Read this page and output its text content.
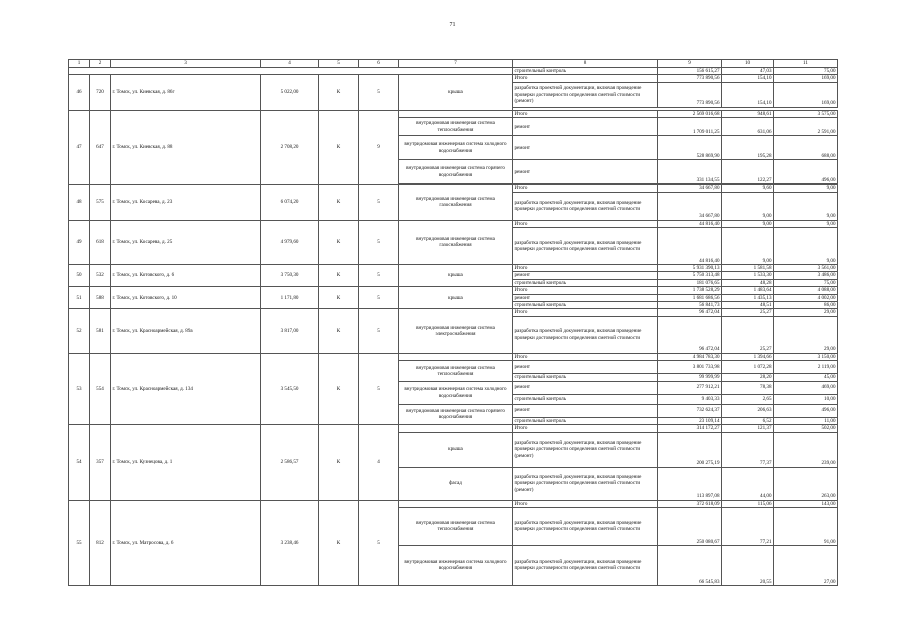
71
1	2	3	4	5	6	7	8	9	10	11
							строительный контроль	156 615,27	47,03	75,00
46	720	г. Томск, ул. Киевская, д. 86г	5 022,00	К	5	крыша	Итого	773 890,56	154,10	169,00
							разработка проектной документации, включая проведение проверки достоверности определения сметной стоимости (ремонт)	773 890,56	154,10	169,00

47	647	г. Томск, ул. Киевская, д. 88	2 708,20	К	9		Итого	2 569 016,68	948,61	3 575,00
						внутридомовая инженерная система теплоснабжения	ремонт	1 709 011,25	631,06	2 591,00
						внутридомовая инженерная система холодного водоснабжения	ремонт	528 869,90	195,28	688,00
						внутридомовая инженерная система горячего водоснабжения	ремонт	331 134,55	122,27	496,00

48	575	г. Томск, ул. Косарева, д. 23	6 074,20	К	5	внутридомовая инженерная система газоснабжения	Итого	34 667,80	9,60	9,00
							разработка проектной документации, включая проведение проверки достоверности определения сметной стоимости	34 667,80	9,00	9,00
49	618	г. Томск, ул. Косарева, д. 25	4 979,60	К	5	внутридомовая инженерная система газоснабжения	Итого	44 816,40	9,00	9,00
							разработка проектной документации, включая проведение проверки достоверности определения сметной стоимости	44 816,40	9,00	9,00
50	532	г. Томск, ул. Котовского, д. 6	3 750,30	К	5	крыша	Итого	5 931 390,13	1 581,58	3 561,00
							ремонт	5 750 313,48	1 533,30	3 486,00
							строительный контроль	181 076,65	48,28	75,00
51	588	г. Томск, ул. Котовского, д. 10	1 171,80	К	5	крыша	Итого	1 738 528,29	1 483,64	4 088,00
							ремонт	1 681 686,56	1 435,13	4 002,00
							строительный контроль	56 841,73	48,51	86,00
52	581	г. Томск, ул. Красноармейская, д. 89а	3 817,00	К	5	внутридомовая инженерная система электроснабжения	Итого	96 472,04	25,27	29,00
							разработка проектной документации, включая проведение проверки достоверности определения сметной стоимости	96 472,04	25,27	29,00
53	554	г. Томск, ул. Красноармейская, д. 134	3 545,50	К	5		Итого	4 984 783,30	1 394,66	3 150,00
						внутридомовая инженерная система теплоснабжения	ремонт	3 801 733,98	1 072,28	2 119,00
							строительный контроль	99 999,99	28,20	45,00
						внутридомовая инженерная система холодного водоснабжения	ремонт	277 912,21	78,38	469,00
							строительный контроль	9 403,33	2,65	10,00
						внутридомовая инженерная система горячего водоснабжения	ремонт	732 624,37	206,63	496,00
							строительный контроль	23 109,14	6,52	11,00
54	357	г. Томск, ул. Кузнецова, д. 1	2 586,57	К	4		Итого	314 172,27	121,37	502,00
						крыша	разработка проектной документации, включая проведение проверки достоверности определения сметной стоимости (ремонт)	200 275,19	77,37	239,00
						фасад	разработка проектной документации, включая проведение проверки достоверности определения сметной стоимости (ремонт)	113 897,08	44,00	263,00
55	812	г. Томск, ул. Матросова, д. 6	3 238,46	К	5		Итого	372 618,09	115,06	143,00
						внутридомовая инженерная система теплоснабжения	разработка проектной документации, включая проведение проверки достоверности определения сметной стоимости	250 080,67	77,21	91,00
						внутридомовая инженерная система холодного водоснабжения	разработка проектной документации, включая проведение проверки достоверности определения сметной стоимости	66 545,83	20,55	27,00
